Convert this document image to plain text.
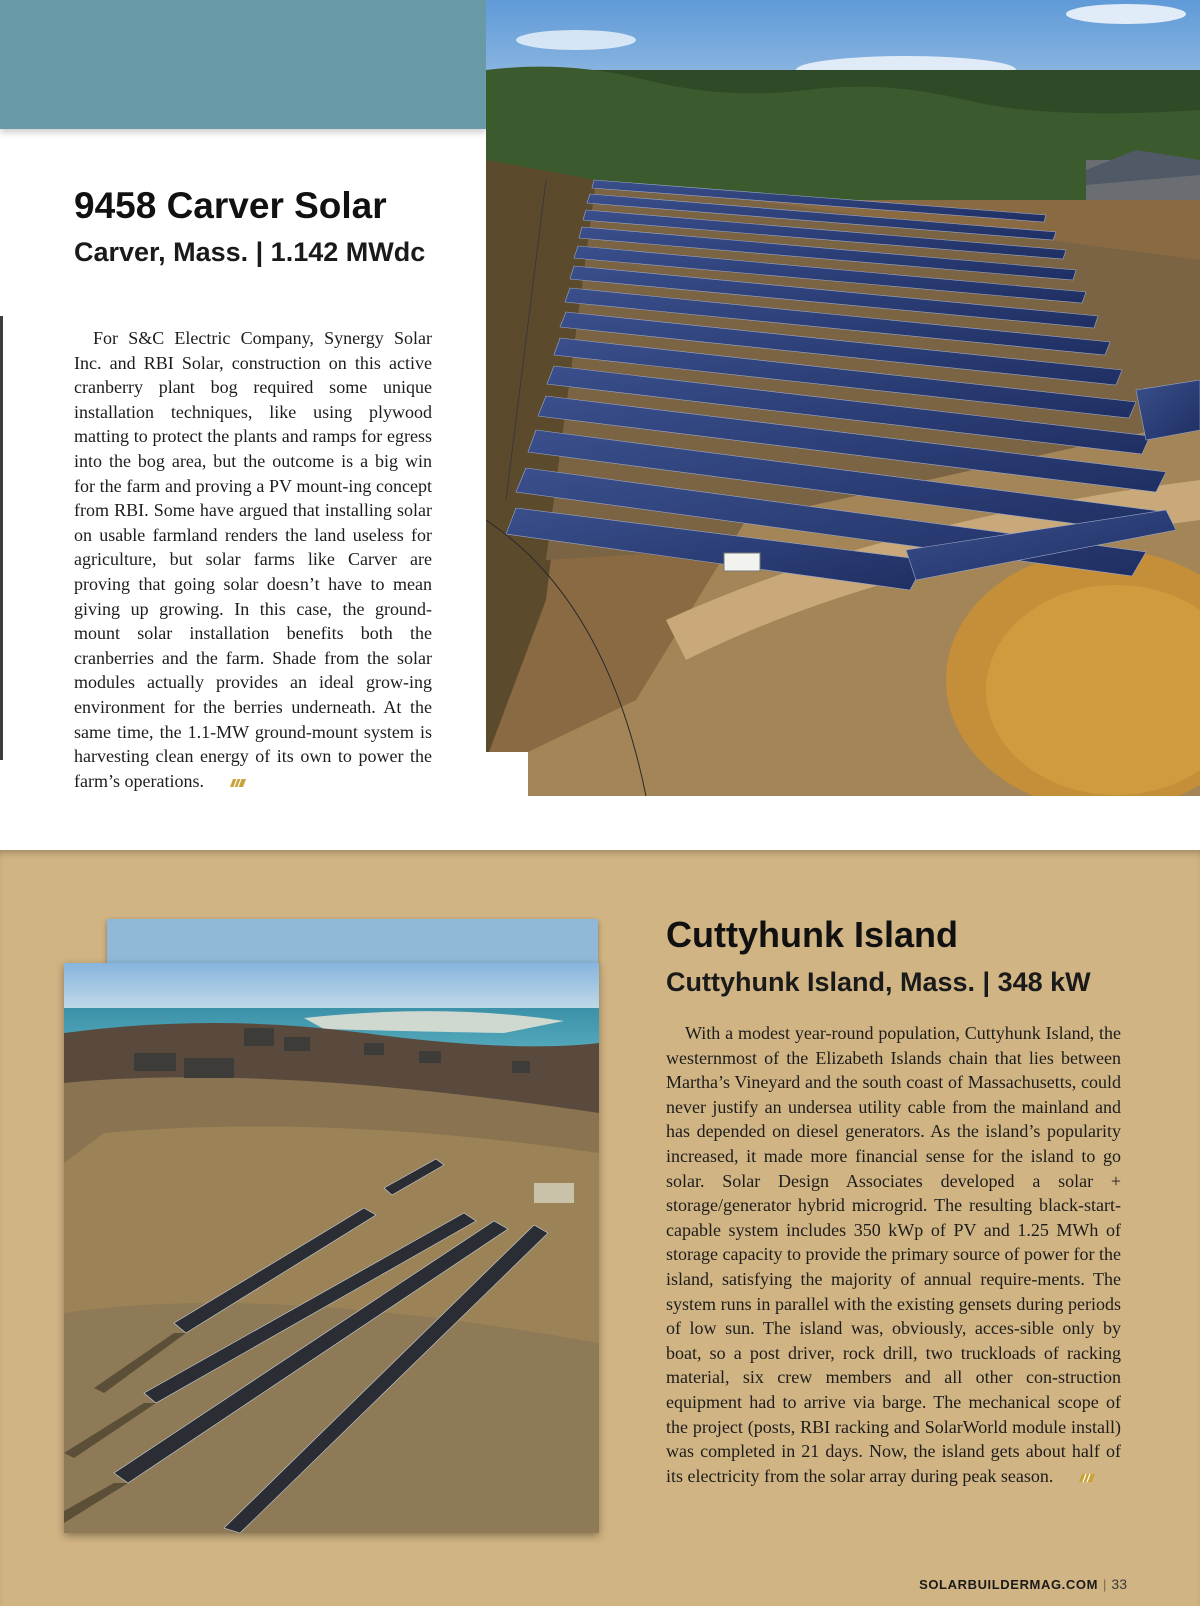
9458 Carver Solar
Carver, Mass. | 1.142 MWdc

For S&C Electric Company, Synergy Solar Inc. and RBI Solar, construction on this active cranberry plant bog required some unique installation techniques, like using plywood matting to protect the plants and ramps for egress into the bog area, but the outcome is a big win for the farm and proving a PV mount-ing concept from RBI. Some have argued that installing solar on usable farmland renders the land useless for agriculture, but solar farms like Carver are proving that going solar doesn’t have to mean giving up growing. In this case, the ground-mount solar installation benefits both the cranberries and the farm. Shade from the solar modules actually provides an ideal grow-ing environment for the berries underneath. At the same time, the 1.1-MW ground-mount system is harvesting clean energy of its own to power the farm’s operations.

Cuttyhunk Island
Cuttyhunk Island, Mass. | 348 kW

With a modest year-round population, Cuttyhunk Island, the westernmost of the Elizabeth Islands chain that lies between Martha’s Vineyard and the south coast of Massachusetts, could never justify an undersea utility cable from the mainland and has depended on diesel generators. As the island’s popularity increased, it made more financial sense for the island to go solar. Solar Design Associates developed a solar + storage/generator hybrid microgrid. The resulting black-start-capable system includes 350 kWp of PV and 1.25 MWh of storage capacity to provide the primary source of power for the island, satisfying the majority of annual require-ments. The system runs in parallel with the existing gensets during periods of low sun. The island was, obviously, acces-sible only by boat, so a post driver, rock drill, two truckloads of racking material, six crew members and all other con-struction equipment had to arrive via barge. The mechanical scope of the project (posts, RBI racking and SolarWorld module install) was completed in 21 days. Now, the island gets about half of its electricity from the solar array during peak season.

SOLARBUILDERMAG.COM | 33
